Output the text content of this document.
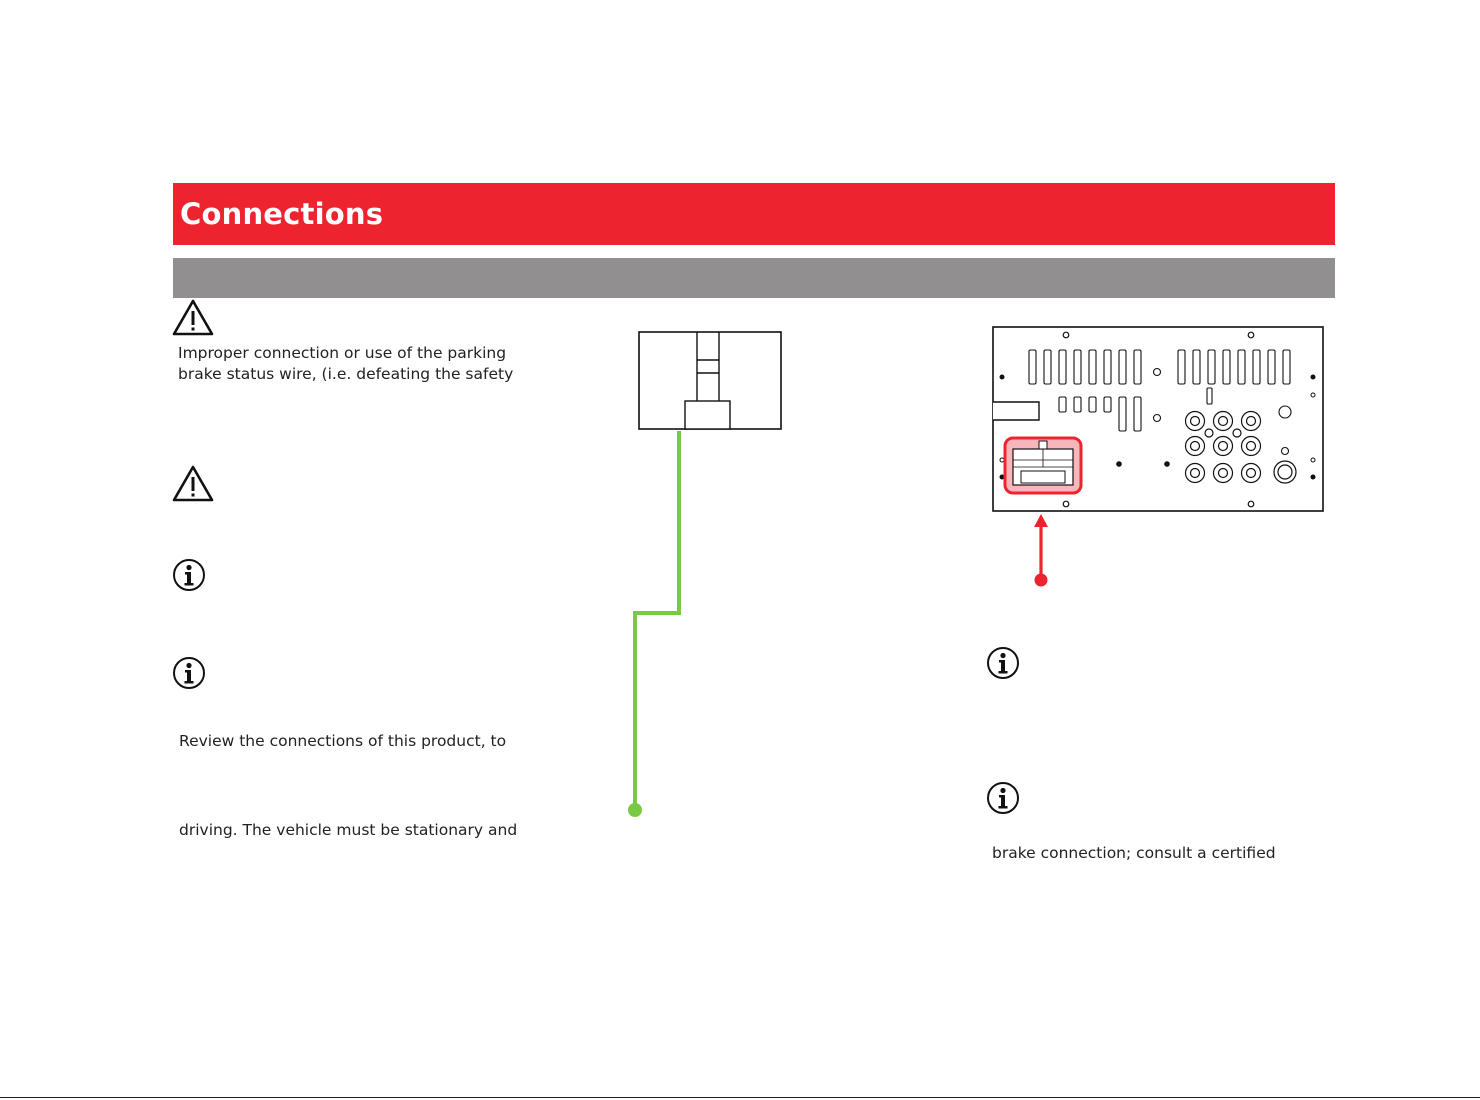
Connections
Improper connection or use of the parking
brake status wire, (i.e. defeating the safety
Review the connections of this product, to
driving. The vehicle must be stationary and
brake connection; consult a certified
